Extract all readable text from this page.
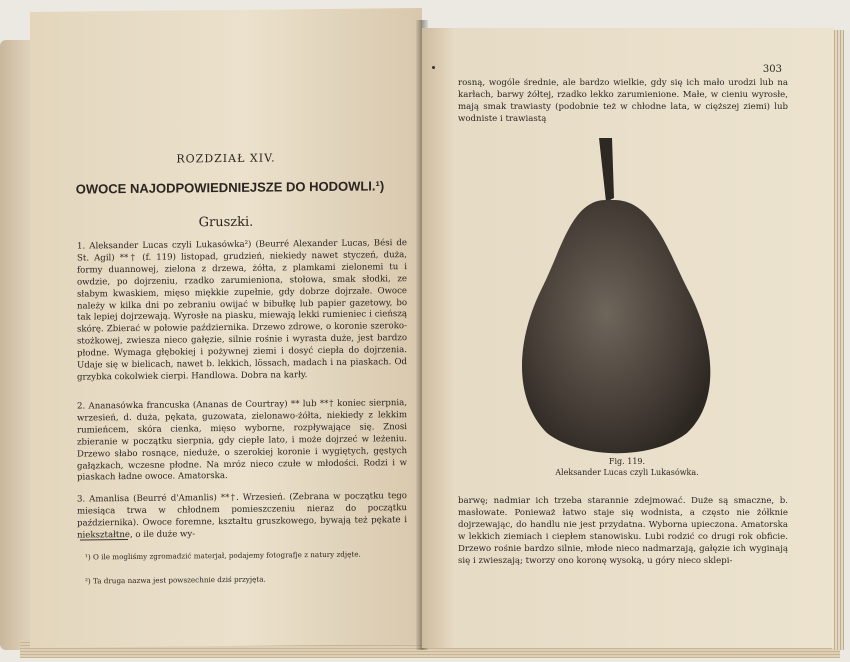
ROZDZIAŁ XIV.
OWOCE NAJODPOWIEDNIEJSZE DO HODOWLI.¹)
Gruszki.
1. Aleksander Lucas czyli Lukasówka²) (Beurré Alexander Lucas, Bési de St. Agil) **† (f. 119) listopad, grudzień, niekiedy nawet styczeń, duża, formy duannowej, zielona z drzewa, żółta, z plamkami zielonemi tu i owdzie, po dojrzeniu, rzadko zarumieniona, stołowa, smak słodki, ze słabym kwaskiem, mięso miękkie zupełnie, gdy dobrze dojrzałe. Owoce należy w kilka dni po zebraniu owijać w bibułkę lub papier gazetowy, bo tak lepiej dojrzewają. Wyrosłe na piasku, miewają lekki rumieniec i cieńszą skórę. Zbierać w połowie października. Drzewo zdrowe, o koronie szeroko-stożkowej, zwiesza nieco gałęzie, silnie rośnie i wyrasta duże, jest bardzo płodne. Wymaga głębokiej i pożywnej ziemi i dosyć ciepła do dojrzenia. Udaje się w bielicach, nawet b. lekkich, lössach, madach i na piaskach. Od grzybka cokolwiek cierpi. Handlowa. Dobra na karły.
2. Ananasówka francuska (Ananas de Courtray) ** lub **† koniec sierpnia, wrzesień, d. duża, pękata, guzowata, zielonawo-żółta, niekiedy z lekkim rumieńcem, skóra cienka, mięso wyborne, rozpływające się. Znosi zbieranie w początku sierpnia, gdy ciepłe lato, i może dojrzeć w leżeniu. Drzewo słabo rosnące, nieduże, o szerokiej koronie i wygiętych, gęstych gałązkach, wczesne płodne. Na mróz nieco czułe w młodości. Rodzi i w piaskach ładne owoce. Amatorska.
3. Amanlisa (Beurré d'Amanlis) **†. Wrzesień. (Zebrana w początku tego miesiąca trwa w chłodnem pomieszczeniu nieraz do początku października). Owoce foremne, kształtu gruszkowego, bywają też pękate i niekształtne, o ile duże wy-
¹) O ile mogliśmy zgromadzić materjał, podajemy fotografje z natury zdjęte.
²) Ta druga nazwa jest powszechnie dziś przyjęta.
303
rosną, wogóle średnie, ale bardzo wielkie, gdy się ich mało urodzi lub na karłach, barwy żółtej, rzadko lekko zarumienione. Małe, w cieniu wyrosłe, mają smak trawiasty (podobnie też w chłodne lata, w cięższej ziemi) lub wodniste i trawiastą
Fig. 119.
Aleksander Lucas czyli Lukasówka.
barwę; nadmiar ich trzeba starannie zdejmować. Duże są smaczne, b. masłowate. Ponieważ łatwo staje się wodnista, a często nie żółknie dojrzewając, do handlu nie jest przydatna. Wyborna upieczona. Amatorska w lekkich ziemiach i ciepłem stanowisku. Lubi rodzić co drugi rok obficie. Drzewo rośnie bardzo silnie, młode nieco nadmarzają, gałęzie ich wyginają się i zwieszają; tworzy ono koronę wysoką, u góry nieco sklepi-
